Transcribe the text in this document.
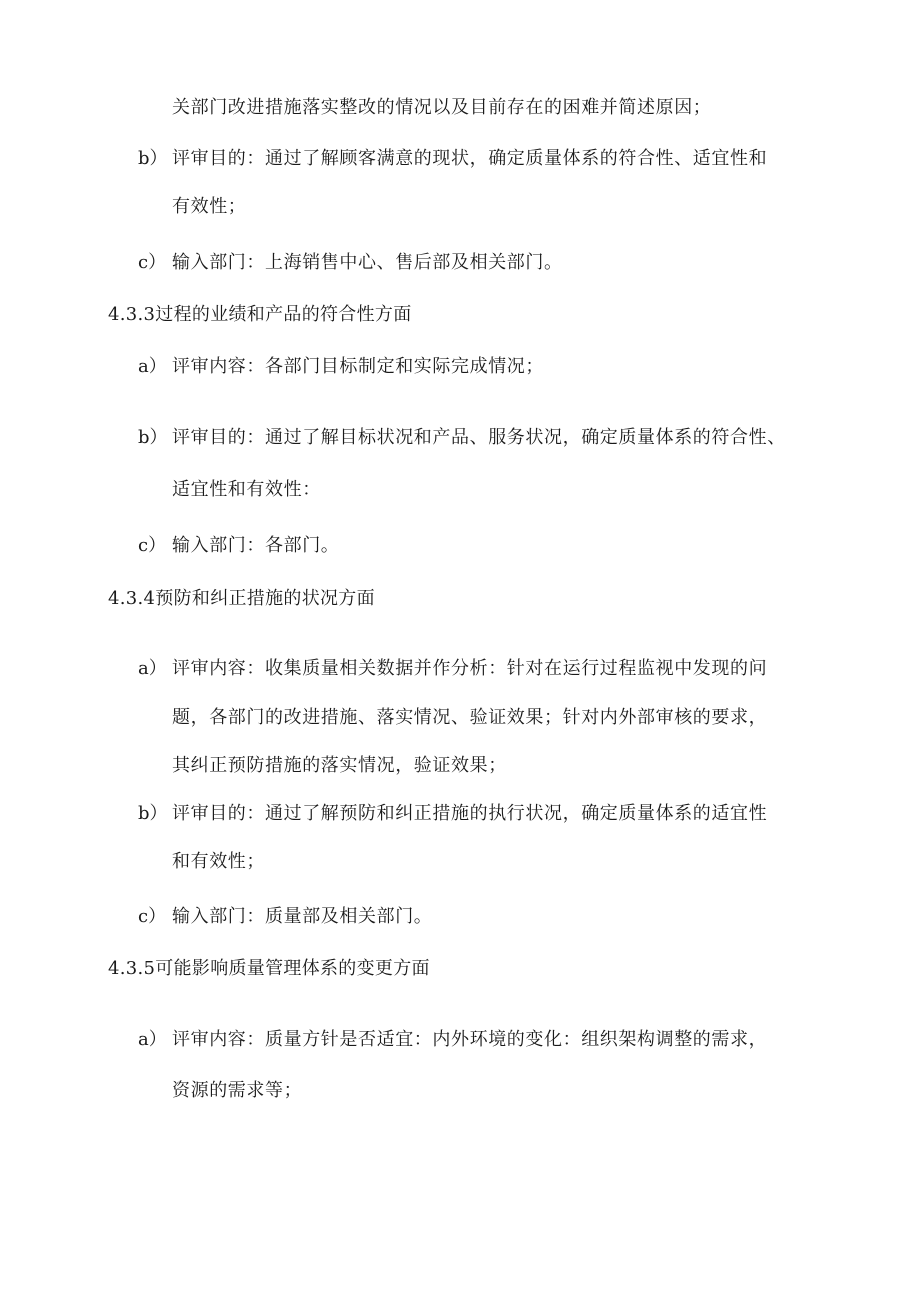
关部门改进措施落实整改的情况以及目前存在的困难并简述原因；
b） 评审目的：通过了解顾客满意的现状，确定质量体系的符合性、适宜性和
有效性；
c） 输入部门：上海销售中心、售后部及相关部门。
4.3.3过程的业绩和产品的符合性方面
a） 评审内容：各部门目标制定和实际完成情况；
b） 评审目的：通过了解目标状况和产品、服务状况，确定质量体系的符合性、
适宜性和有效性：
c） 输入部门：各部门。
4.3.4预防和纠正措施的状况方面
a） 评审内容：收集质量相关数据并作分析：针对在运行过程监视中发现的问
题，各部门的改进措施、落实情况、验证效果；针对内外部审核的要求，
其纠正预防措施的落实情况，验证效果；
b） 评审目的：通过了解预防和纠正措施的执行状况，确定质量体系的适宜性
和有效性；
c） 输入部门：质量部及相关部门。
4.3.5可能影响质量管理体系的变更方面
a） 评审内容：质量方针是否适宜：内外环境的变化：组织架构调整的需求，
资源的需求等；
